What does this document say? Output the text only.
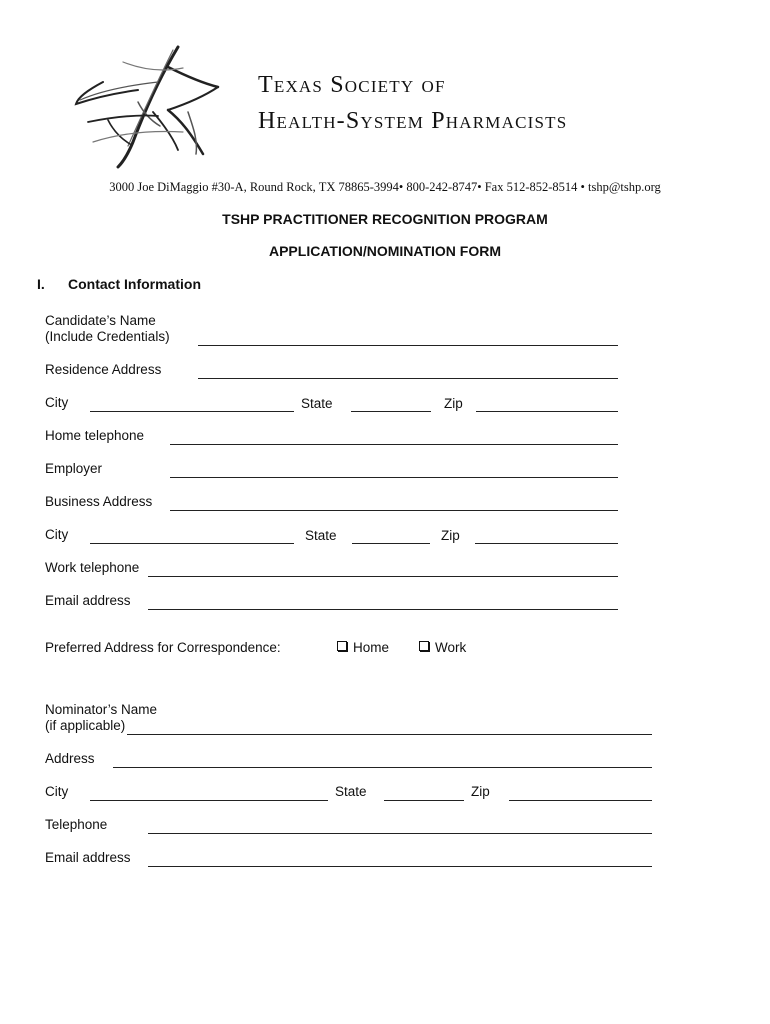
Texas Society of
Health-System Pharmacists
3000 Joe DiMaggio #30-A, Round Rock, TX 78865-3994• 800-242-8747• Fax 512-852-8514 • tshp@tshp.org
TSHP PRACTITIONER RECOGNITION PROGRAM
APPLICATION/NOMINATION FORM
I. Contact Information
Candidate’s Name
(Include Credentials)
Residence Address
City	State	Zip
Home telephone
Employer
Business Address
City	State	Zip
Work telephone
Email address
Preferred Address for Correspondence:	Home	Work
Nominator’s Name
(if applicable)
Address
City	State	Zip
Telephone
Email address
